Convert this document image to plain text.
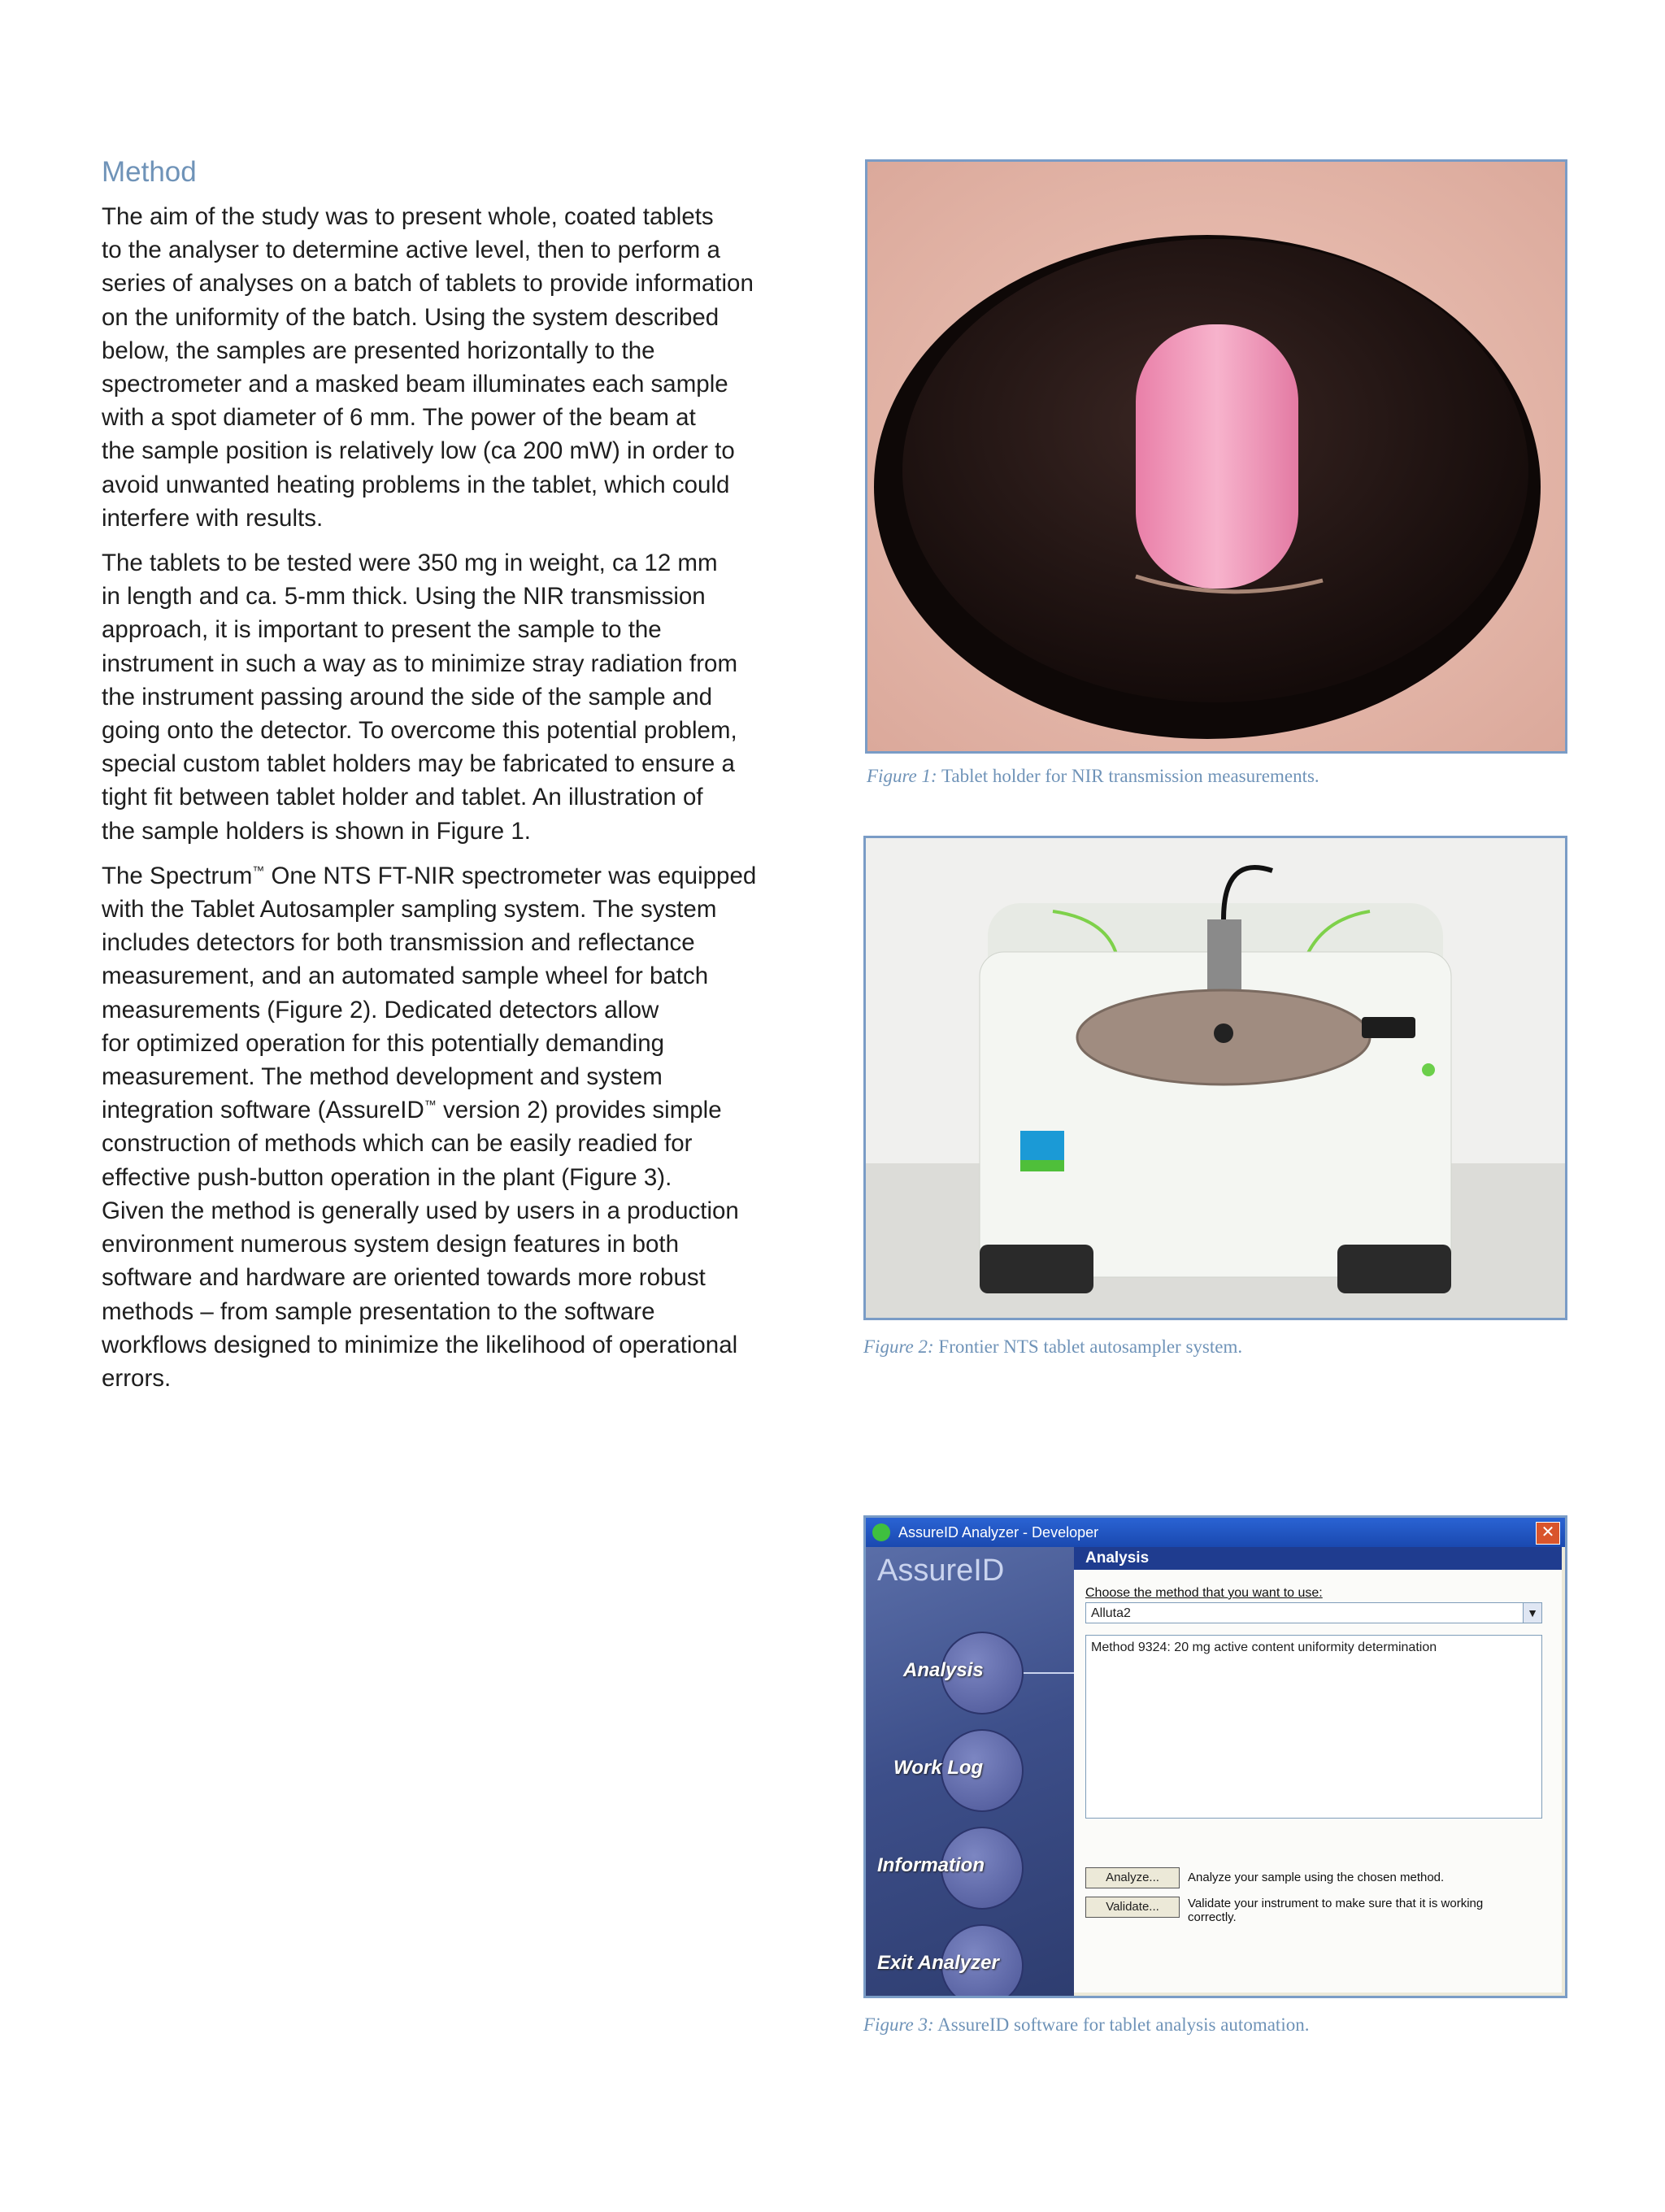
Method

The aim of the study was to present whole, coated tablets
to the analyser to determine active level, then to perform a
series of analyses on a batch of tablets to provide information
on the uniformity of the batch. Using the system described
below, the samples are presented horizontally to the
spectrometer and a masked beam illuminates each sample
with a spot diameter of 6 mm. The power of the beam at
the sample position is relatively low (ca 200 mW) in order to
avoid unwanted heating problems in the tablet, which could
interfere with results.

The tablets to be tested were 350 mg in weight, ca 12 mm
in length and ca. 5-mm thick. Using the NIR transmission
approach, it is important to present the sample to the
instrument in such a way as to minimize stray radiation from
the instrument passing around the side of the sample and
going onto the detector. To overcome this potential problem,
special custom tablet holders may be fabricated to ensure a
tight fit between tablet holder and tablet. An illustration of
the sample holders is shown in Figure 1.

The Spectrum™ One NTS FT-NIR spectrometer was equipped
with the Tablet Autosampler sampling system. The system
includes detectors for both transmission and reflectance
measurement, and an automated sample wheel for batch
measurements (Figure 2). Dedicated detectors allow
for optimized operation for this potentially demanding
measurement. The method development and system
integration software (AssureID™ version 2) provides simple
construction of methods which can be easily readied for
effective push-button operation in the plant (Figure 3).
Given the method is generally used by users in a production
environment numerous system design features in both
software and hardware are oriented towards more robust
methods – from sample presentation to the software
workflows designed to minimize the likelihood of operational
errors.

Figure 1: Tablet holder for NIR transmission measurements.
Figure 2: Frontier NTS tablet autosampler system.
AssureID Analyzer - Developer	✕
AssureID
Analysis
Work Log
Information
Exit Analyzer
Analysis
Choose the method that you want to use:
Alluta2	▼
Method 9324: 20 mg active content uniformity determination
Analyze...	Analyze your sample using the chosen method.
Validate...	Validate your instrument to make sure that it is working correctly.
Figure 3: AssureID software for tablet analysis automation.
